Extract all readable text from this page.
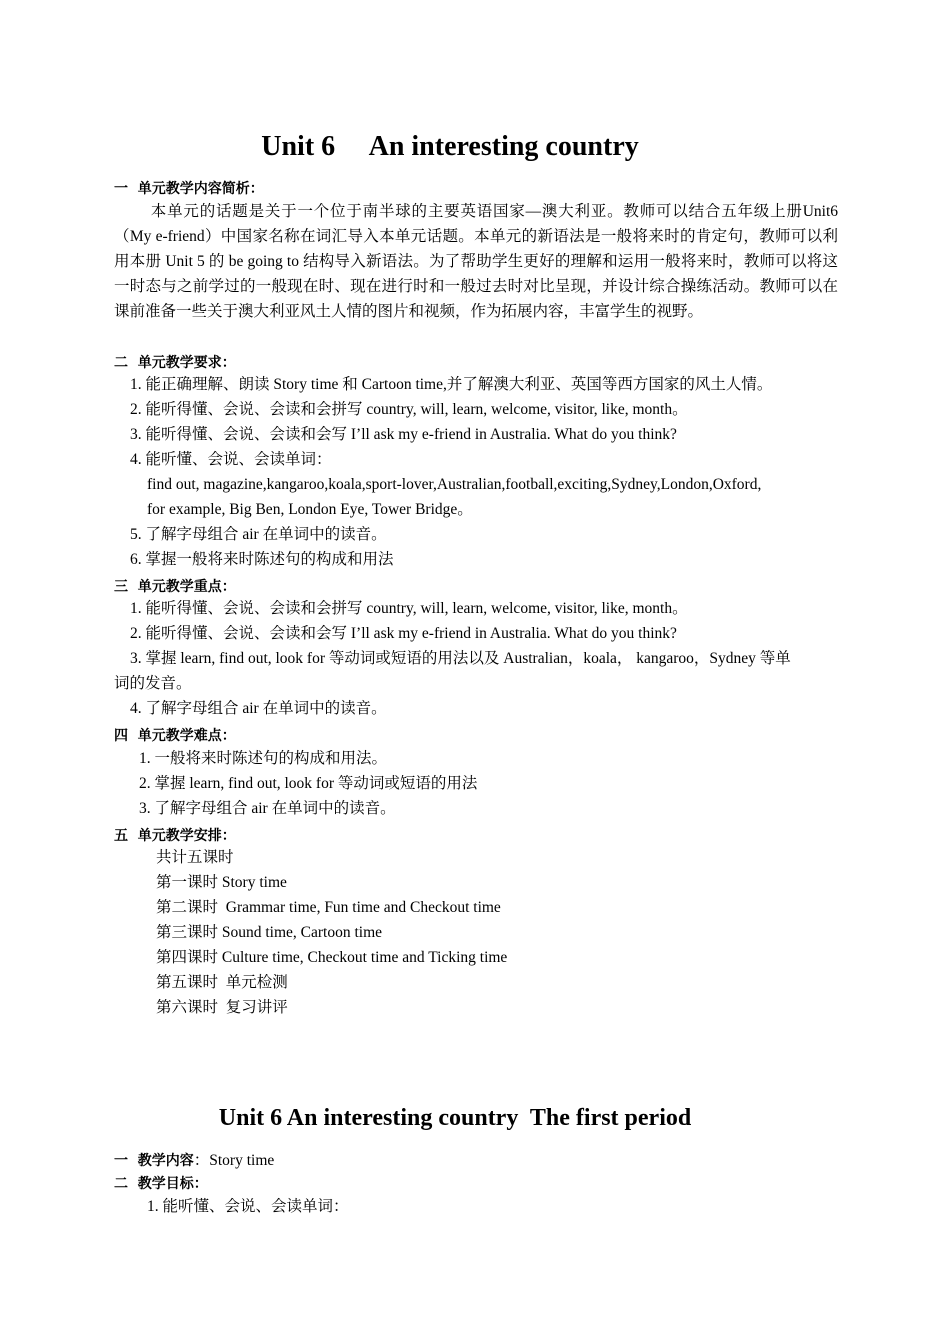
Unit 6     An interesting country
一 单元教学内容简析：
本单元的话题是关于一个位于南半球的主要英语国家—澳大利亚。教师可以结合五年级上册Unit6（My e-friend）中国家名称在词汇导入本单元话题。本单元的新语法是一般将来时的肯定句，教师可以利用本册 Unit 5 的 be going to 结构导入新语法。为了帮助学生更好的理解和运用一般将来时，教师可以将这一时态与之前学过的一般现在时、现在进行时和一般过去时对比呈现，并设计综合操练活动。教师可以在课前准备一些关于澳大利亚风土人情的图片和视频，作为拓展内容，丰富学生的视野。
二 单元教学要求：
1. 能正确理解、朗读 Story time 和 Cartoon time,并了解澳大利亚、英国等西方国家的风土人情。
2. 能听得懂、会说、会读和会拼写 country, will, learn, welcome, visitor, like, month。
3. 能听得懂、会说、会读和会写 I’ll ask my e-friend in Australia. What do you think?
4. 能听懂、会说、会读单词：
find out, magazine,kangaroo,koala,sport-lover,Australian,football,exciting,Sydney,London,Oxford,
for example, Big Ben, London Eye, Tower Bridge。
5. 了解字母组合 air 在单词中的读音。
6. 掌握一般将来时陈述句的构成和用法
三 单元教学重点：
1. 能听得懂、会说、会读和会拼写 country, will, learn, welcome, visitor, like, month。
2. 能听得懂、会说、会读和会写 I’ll ask my e-friend in Australia. What do you think?
3. 掌握 learn, find out, look for 等动词或短语的用法以及 Australian，koala， kangaroo，Sydney 等单
词的发音。
4. 了解字母组合 air 在单词中的读音。
四 单元教学难点：
1. 一般将来时陈述句的构成和用法。
2. 掌握 learn, find out, look for 等动词或短语的用法
3. 了解字母组合 air 在单词中的读音。
五 单元教学安排：
共计五课时
第一课时 Story time
第二课时  Grammar time, Fun time and Checkout time
第三课时 Sound time, Cartoon time
第四课时 Culture time, Checkout time and Ticking time
第五课时  单元检测
第六课时  复习讲评
Unit 6 An interesting country  The first period
一 教学内容：Story time
二 教学目标：
1. 能听懂、会说、会读单词：
